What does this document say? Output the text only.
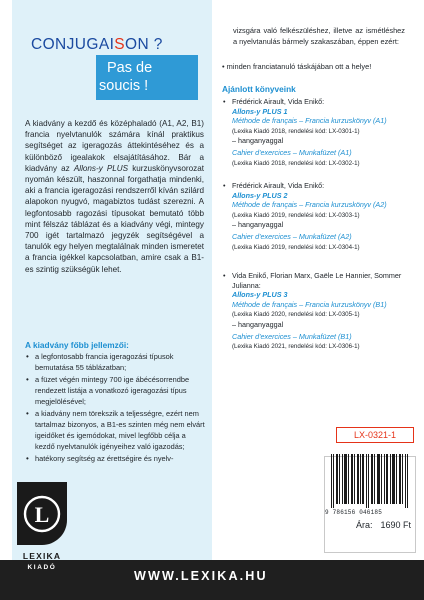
CONJUGAISON ?
Pas de
soucis !
A kiadvány a kezdő és középhaladó (A1, A2, B1) francia nyelvtanulók számára kínál praktikus segítséget az igeragozás áttekintéséhez és a különböző igealakok elsajátításához. Bár a kiadvány az Allons-y PLUS kurzuskönyvsorozat nyomán készült, haszonnal forgathatja mindenki, aki a francia igeragozási rendszerről kíván szilárd alapokon nyugvó, magabiztos tudást szerezni. A legfontosabb ragozási típusokat bemutató több mint félszáz táblázat és a kiadvány végi, mintegy 700 igét tartalmazó jegyzék segítségével a tanulók egy helyen megtalálnak minden ismeretet a francia igékkel kapcsolatban, amire csak a B1-es szintig szükségük lehet.
A kiadvány főbb jellemzői:
• a legfontosabb francia igeragozási típusok bemutatása 55 táblázatban;
• a füzet végén mintegy 700 ige ábécésorrendbe rendezett listája a vonatkozó igeragozási típus megjelölésével;
• a kiadvány nem törekszik a teljességre, ezért nem tartalmaz bizonyos, a B1-es szinten még nem elvárt igeidőket és igemódokat, mivel legfőbb célja a kezdő nyelvtanulók igényeihez való igazodás;
• hatékony segítség az érettségire és nyelv-
vizsgára való felkészüléshez, illetve az ismétléshez a nyelvtanulás bármely szakaszában, éppen ezért:
• minden franciatanuló táskájában ott a helye!
Ajánlott könyveink
• Frédérick Airault, Vida Enikő:
Allons-y PLUS 1
Méthode de français – Francia kurzuskönyv (A1)
(Lexika Kiadó 2018, rendelési kód: LX-0301-1)
– hanganyaggal
Cahier d'exercices – Munkafüzet (A1)
(Lexika Kiadó 2018, rendelési kód: LX-0302-1)
• Frédérick Airault, Vida Enikő:
Allons-y PLUS 2
Méthode de français – Francia kurzuskönyv (A2)
(Lexika Kiadó 2019, rendelési kód: LX-0303-1)
– hanganyaggal
Cahier d'exercices – Munkafüzet (A2)
(Lexika Kiadó 2019, rendelési kód: LX-0304-1)
• Vida Enikő, Florian Marx, Gaële Le Hannier, Sommer Julianna:
Allons-y PLUS 3
Méthode de français – Francia kurzuskönyv (B1)
(Lexika Kiadó 2020, rendelési kód: LX-0305-1)
– hanganyaggal
Cahier d'exercices – Munkafüzet (B1)
(Lexika Kiadó 2021, rendelési kód: LX-0306-1)
LX-0321-1
9 786156 046185
Ára: 1690 Ft
WWW.LEXIKA.HU
L
LEXIKA
KIADÓ
